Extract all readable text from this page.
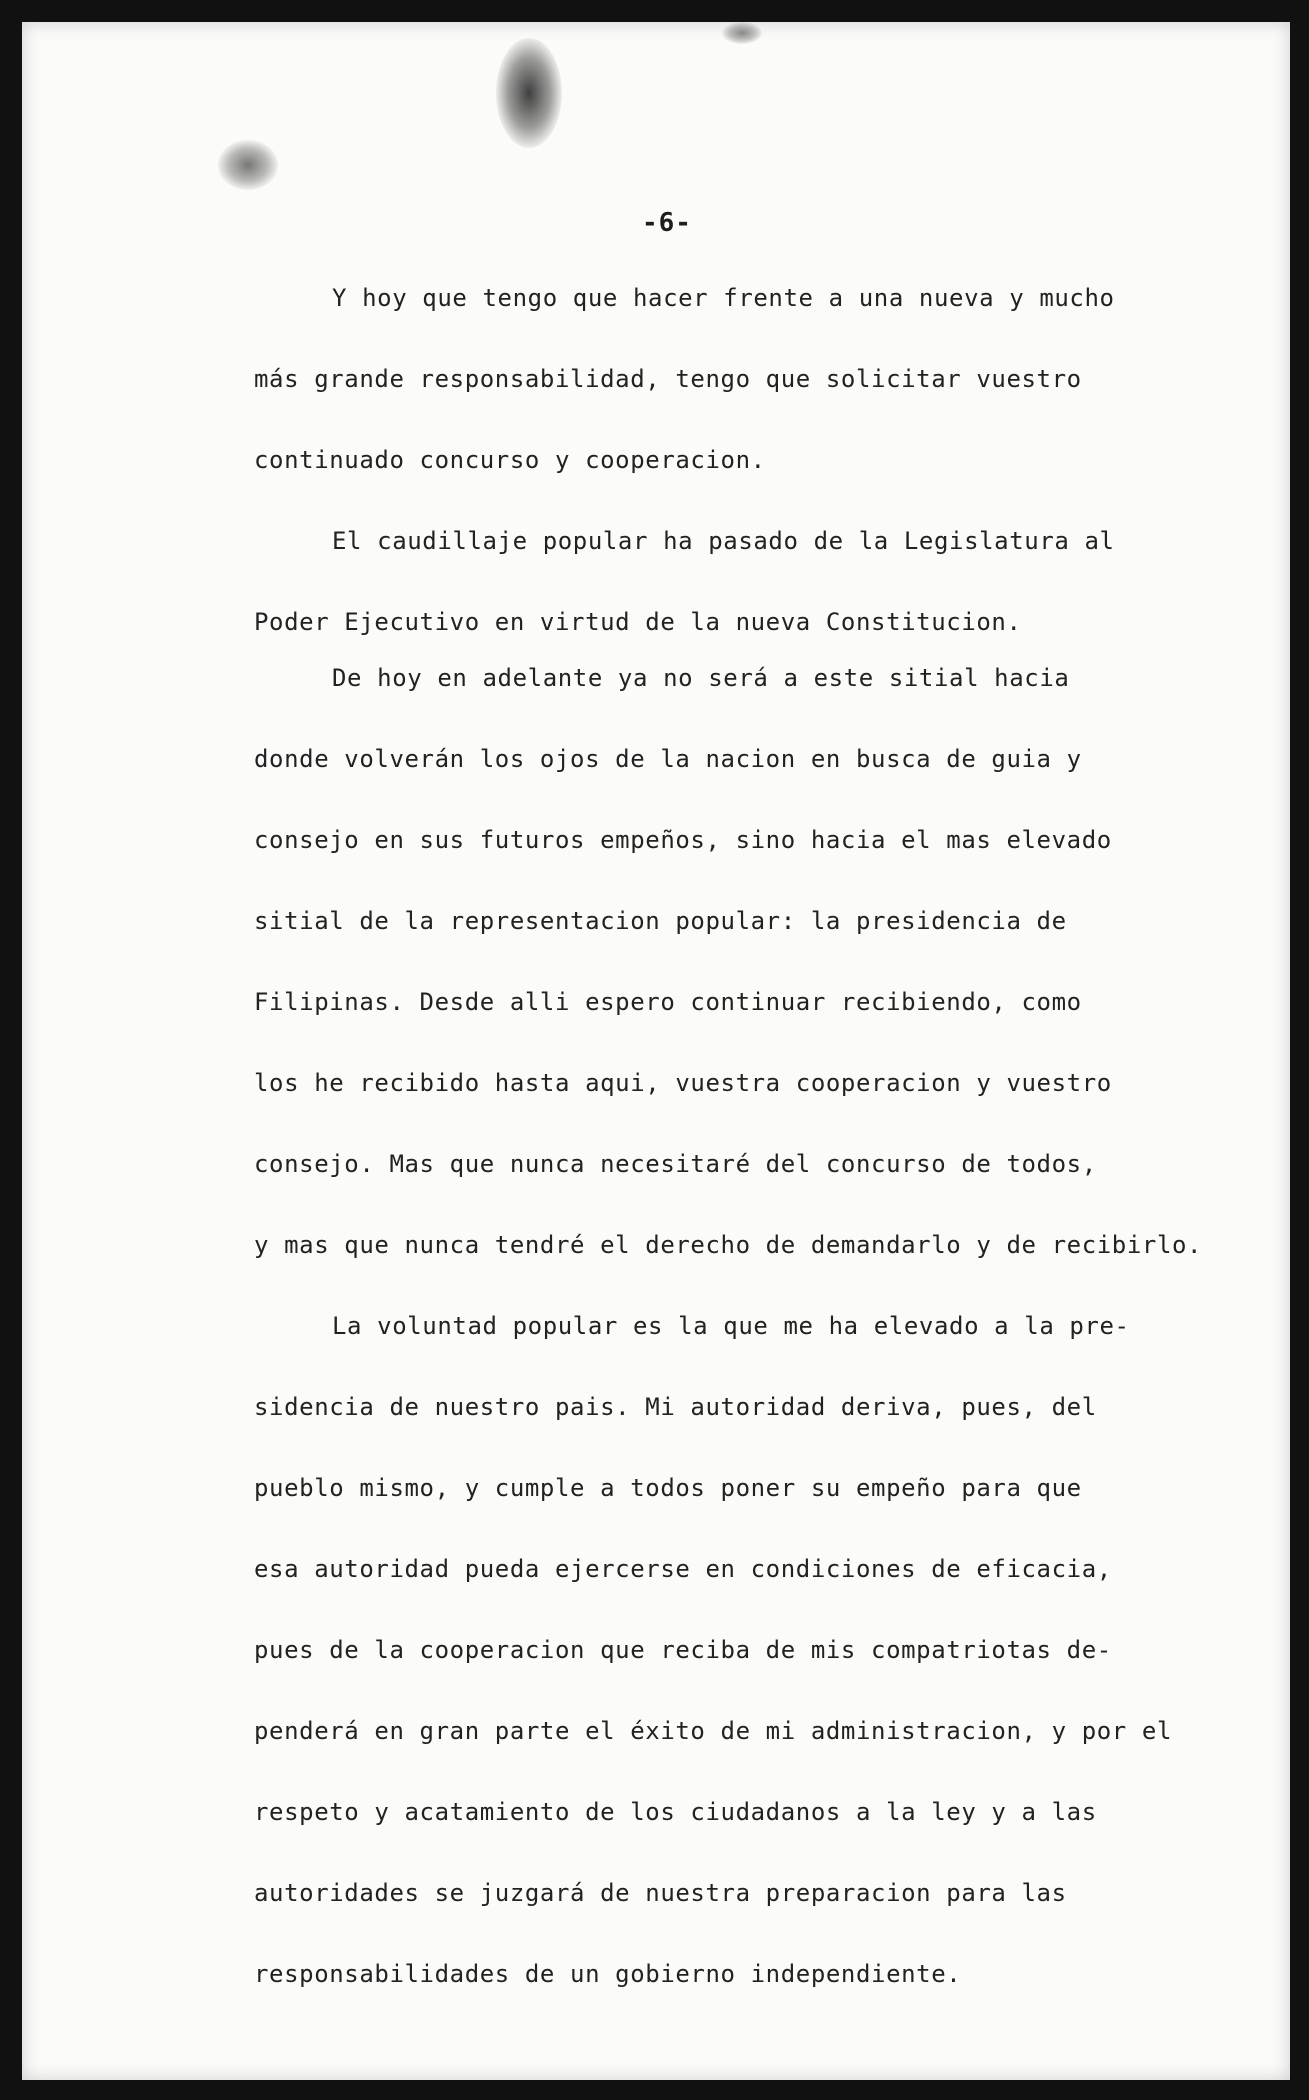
-6-
Y hoy que tengo que hacer frente a una nueva y mucho
más grande responsabilidad, tengo que solicitar vuestro
continuado concurso y cooperacion.
El caudillaje popular ha pasado de la Legislatura al
Poder Ejecutivo en virtud de la nueva Constitucion.
De hoy en adelante ya no será a este sitial hacia
donde volverán los ojos de la nacion en busca de guia y
consejo en sus futuros empeños, sino hacia el mas elevado
sitial de la representacion popular: la presidencia de
Filipinas. Desde alli espero continuar recibiendo, como
los he recibido hasta aqui, vuestra cooperacion y vuestro
consejo. Mas que nunca necesitaré del concurso de todos,
y mas que nunca tendré el derecho de demandarlo y de recibirlo.
La voluntad popular es la que me ha elevado a la pre-
sidencia de nuestro pais. Mi autoridad deriva, pues, del
pueblo mismo, y cumple a todos poner su empeño para que
esa autoridad pueda ejercerse en condiciones de eficacia,
pues de la cooperacion que reciba de mis compatriotas de-
penderá en gran parte el éxito de mi administracion, y por el
respeto y acatamiento de los ciudadanos a la ley y a las
autoridades se juzgará de nuestra preparacion para las
responsabilidades de un gobierno independiente.
